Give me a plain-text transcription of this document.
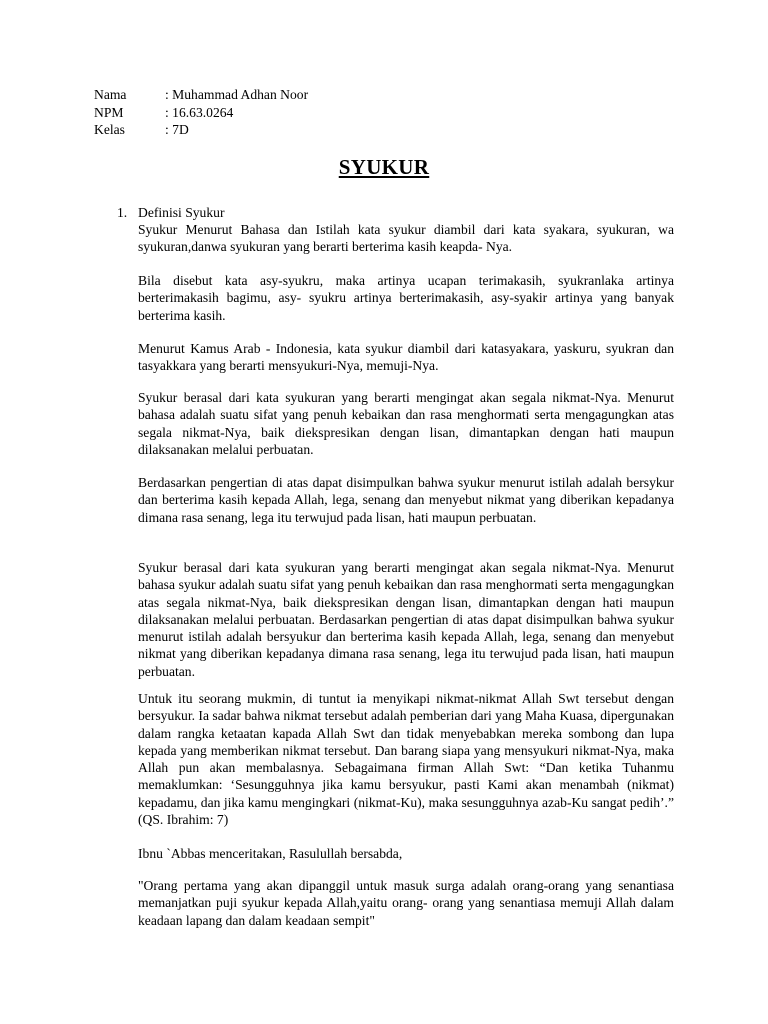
Nama	: Muhammad Adhan Noor
NPM	: 16.63.0264
Kelas	: 7D
SYUKUR
1. Definisi Syukur

Syukur Menurut Bahasa dan Istilah kata syukur diambil dari kata syakara, syukuran, wa syukuran,danwa syukuran yang berarti berterima kasih keapda- Nya.

Bila disebut kata asy-syukru, maka artinya ucapan terimakasih, syukranlaka artinya berterimakasih bagimu, asy- syukru artinya berterimakasih, asy-syakir artinya yang banyak berterima kasih.

Menurut Kamus Arab - Indonesia, kata syukur diambil dari katasyakara, yaskuru, syukran dan tasyakkara yang berarti mensyukuri-Nya, memuji-Nya.

Syukur berasal dari kata syukuran yang berarti mengingat akan segala nikmat-Nya. Menurut bahasa adalah suatu sifat yang penuh kebaikan dan rasa menghormati serta mengagungkan atas segala nikmat-Nya, baik diekspresikan dengan lisan, dimantapkan dengan hati maupun dilaksanakan melalui perbuatan.

Berdasarkan pengertian di atas dapat disimpulkan bahwa syukur menurut istilah adalah bersykur dan berterima kasih kepada Allah, lega, senang dan menyebut nikmat yang diberikan kepadanya dimana rasa senang, lega itu terwujud pada lisan, hati maupun perbuatan.

Syukur berasal dari kata syukuran yang berarti mengingat akan segala nikmat-Nya. Menurut bahasa syukur adalah suatu sifat yang penuh kebaikan dan rasa menghormati serta mengagungkan atas segala nikmat-Nya, baik diekspresikan dengan lisan, dimantapkan dengan hati maupun dilaksanakan melalui perbuatan. Berdasarkan pengertian di atas dapat disimpulkan bahwa syukur menurut istilah adalah bersyukur dan berterima kasih kepada Allah, lega, senang dan menyebut nikmat yang diberikan kepadanya dimana rasa senang, lega itu terwujud pada lisan, hati maupun perbuatan.

Untuk itu seorang mukmin, di tuntut ia menyikapi nikmat-nikmat Allah Swt tersebut dengan bersyukur. Ia sadar bahwa nikmat tersebut adalah pemberian dari yang Maha Kuasa, dipergunakan dalam rangka ketaatan kapada Allah Swt dan tidak menyebabkan mereka sombong dan lupa kepada yang memberikan nikmat tersebut. Dan barang siapa yang mensyukuri nikmat-Nya, maka Allah pun akan membalasnya. Sebagaimana firman Allah Swt: “Dan ketika Tuhanmu memaklumkan: ‘Sesungguhnya jika kamu bersyukur, pasti Kami akan menambah (nikmat) kepadamu, dan jika kamu mengingkari (nikmat-Ku), maka sesungguhnya azab-Ku sangat pedih’.” (QS. Ibrahim: 7)

Ibnu `Abbas menceritakan, Rasulullah bersabda,

"Orang pertama yang akan dipanggil untuk masuk surga adalah orang-orang yang senantiasa memanjatkan puji syukur kepada Allah,yaitu orang- orang yang senantiasa memuji Allah dalam keadaan lapang dan dalam keadaan sempit"
